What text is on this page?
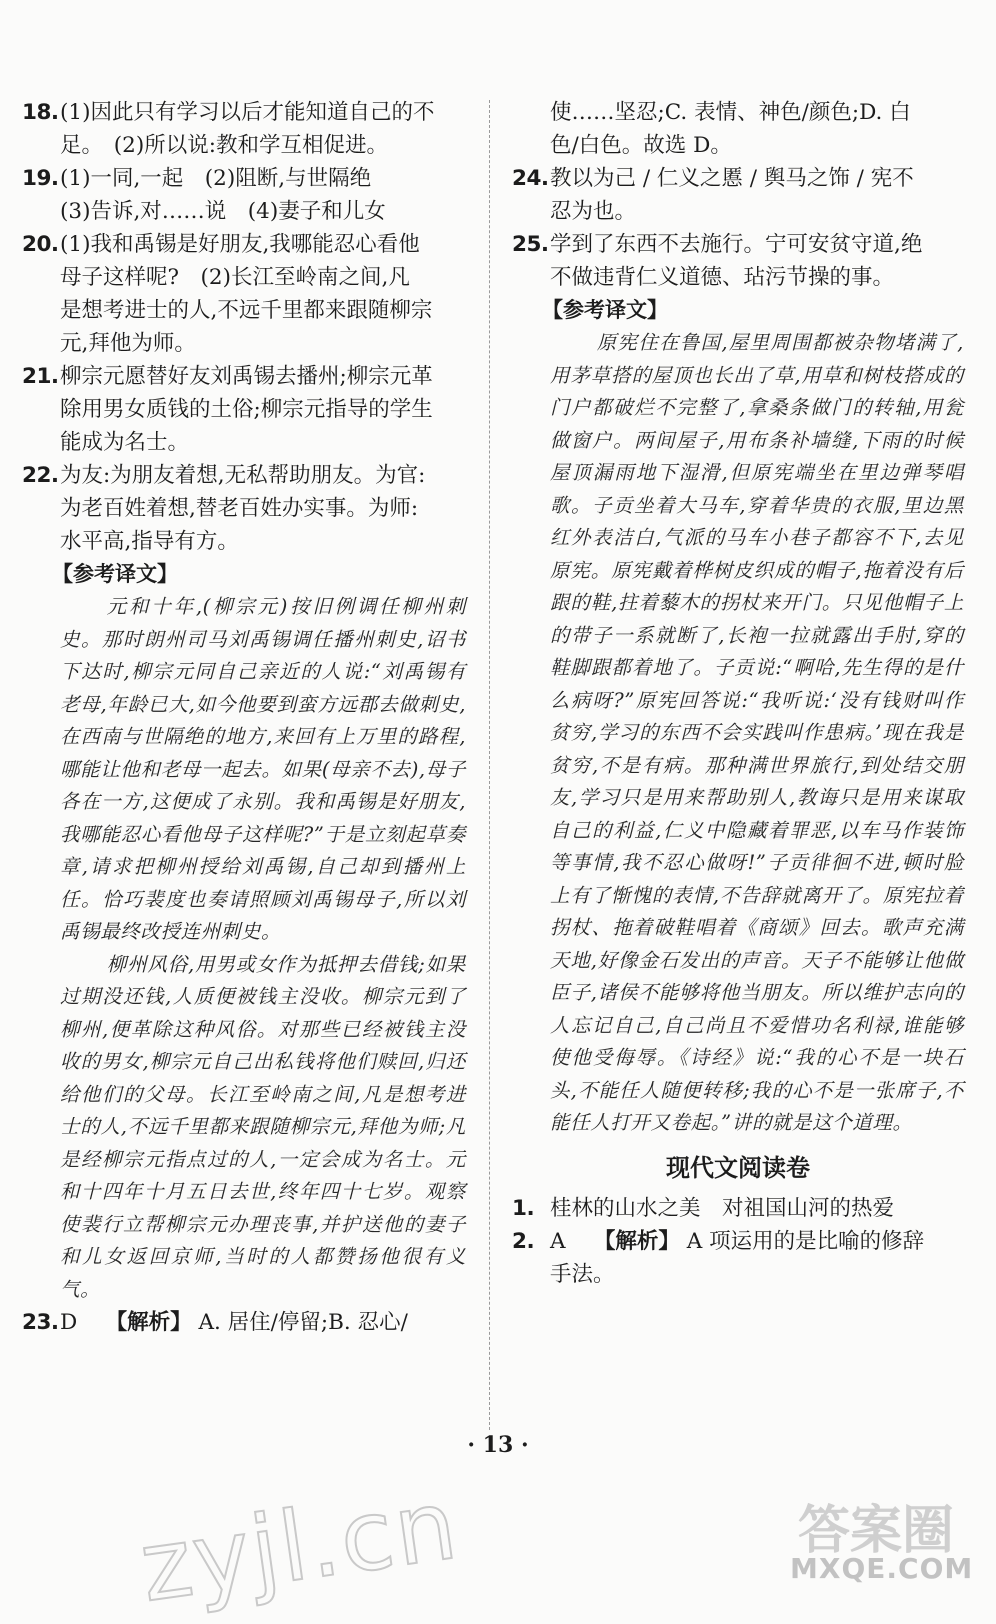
18. (1)因此只有学习以后才能知道自己的不
足。　(2)所以说:教和学互相促进。
19. (1)一同,一起　(2)阻断,与世隔绝
(3)告诉,对……说　(4)妻子和儿女
20. (1)我和禹锡是好朋友,我哪能忍心看他
母子这样呢?　(2)长江至岭南之间,凡
是想考进士的人,不远千里都来跟随柳宗
元,拜他为师。
21. 柳宗元愿替好友刘禹锡去播州;柳宗元革
除用男女质钱的土俗;柳宗元指导的学生
能成为名士。
22. 为友:为朋友着想,无私帮助朋友。为官:
为老百姓着想,替老百姓办实事。为师:
水平高,指导有方。
【参考译文】

元和十年,(柳宗元)按旧例调任柳州刺史。那时朗州司马刘禹锡调任播州刺史,诏书下达时,柳宗元同自己亲近的人说:“刘禹锡有老母,年龄已大,如今他要到蛮方远郡去做刺史,在西南与世隔绝的地方,来回有上万里的路程,哪能让他和老母一起去。如果(母亲不去),母子各在一方,这便成了永别。我和禹锡是好朋友,我哪能忍心看他母子这样呢?”于是立刻起草奏章,请求把柳州授给刘禹锡,自己却到播州上任。恰巧裴度也奏请照顾刘禹锡母子,所以刘禹锡最终改授连州刺史。

柳州风俗,用男或女作为抵押去借钱;如果过期没还钱,人质便被钱主没收。柳宗元到了柳州,便革除这种风俗。对那些已经被钱主没收的男女,柳宗元自己出私钱将他们赎回,归还给他们的父母。长江至岭南之间,凡是想考进士的人,不远千里都来跟随柳宗元,拜他为师;凡是经柳宗元指点过的人,一定会成为名士。元和十四年十月五日去世,终年四十七岁。观察使裴行立帮柳宗元办理丧事,并护送他的妻子和儿女返回京师,当时的人都赞扬他很有义气。

23. D　 【解析】 A. 居住/停留;B. 忍心/
使……坚忍;C. 表情、神色/颜色;D. 白
色/白色。故选 D。
24. 教以为己 / 仁义之慝 / 舆马之饰 / 宪不
忍为也。
25. 学到了东西不去施行。宁可安贫守道,绝
不做违背仁义道德、玷污节操的事。
【参考译文】

原宪住在鲁国,屋里周围都被杂物堵满了,用茅草搭的屋顶也长出了草,用草和树枝搭成的门户都破烂不完整了,拿桑条做门的转轴,用瓮做窗户。两间屋子,用布条补墙缝,下雨的时候屋顶漏雨地下湿滑,但原宪端坐在里边弹琴唱歌。子贡坐着大马车,穿着华贵的衣服,里边黑红外表洁白,气派的马车小巷子都容不下,去见原宪。原宪戴着桦树皮织成的帽子,拖着没有后跟的鞋,拄着藜木的拐杖来开门。只见他帽子上的带子一系就断了,长袍一拉就露出手肘,穿的鞋脚跟都着地了。子贡说:“啊哈,先生得的是什么病呀?”原宪回答说:“我听说:‘没有钱财叫作贫穷,学习的东西不会实践叫作患病。’现在我是贫穷,不是有病。那种满世界旅行,到处结交朋友,学习只是用来帮助别人,教诲只是用来谋取自己的利益,仁义中隐藏着罪恶,以车马作装饰等事情,我不忍心做呀!”子贡徘徊不进,顿时脸上有了惭愧的表情,不告辞就离开了。原宪拉着拐杖、拖着破鞋唱着《商颂》回去。歌声充满天地,好像金石发出的声音。天子不能够让他做臣子,诸侯不能够将他当朋友。所以维护志向的人忘记自己,自己尚且不爱惜功名利禄,谁能够使他受侮辱。《诗经》说:“我的心不是一块石头,不能任人随便转移;我的心不是一张席子,不能任人打开又卷起。”讲的就是这个道理。

现代文阅读卷
1. 桂林的山水之美　对祖国山河的热爱
2. A　 【解析】 A 项运用的是比喻的修辞
手法。
· 13 ·
zyjl.cn	答案圈
MXQE.COM
